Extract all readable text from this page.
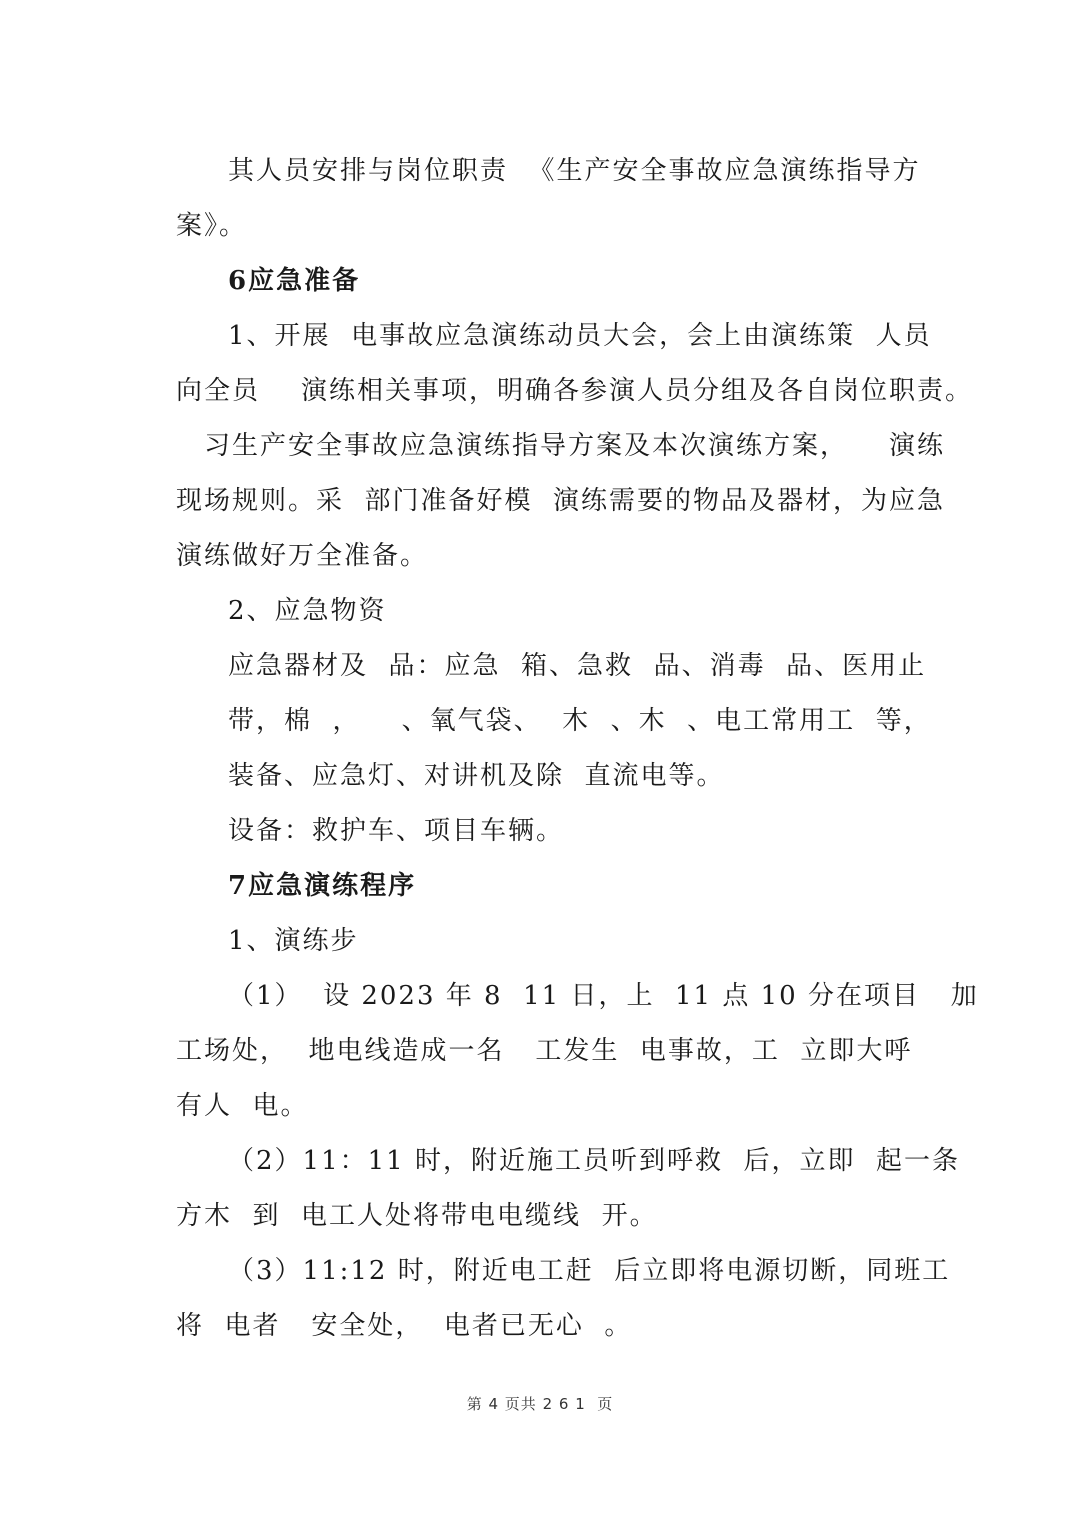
其人员安排与岗位职责  《生产安全事故应急演练指导方
案》。
6应急准备
1、开展  电事故应急演练动员大会，会上由演练策  人员
向全员    演练相关事项，明确各参演人员分组及各自岗位职责。
习生产安全事故应急演练指导方案及本次演练方案，    演练
现场规则。采  部门准备好模  演练需要的物品及器材，为应急
演练做好万全准备。
2、应急物资
应急器材及  品：应急  箱、急救  品、消毒  品、医用止
带，棉  ，    、氧气袋、  木  、木  、电工常用工  等，
装备、应急灯、对讲机及除  直流电等。
设备：救护车、项目车辆。
7应急演练程序
1、演练步
（1）  设 2023 年 8  11 日，上  11 点 10 分在项目   加
工场处，  地电线造成一名   工发生  电事故，工  立即大呼
有人  电。
（2）11：11 时，附近施工员听到呼救  后，立即  起一条
方木  到  电工人处将带电电缆线  开。
（3）11:12 时，附近电工赶  后立即将电源切断，同班工
将  电者   安全处，  电者已无心  。
第 4 页共 2 6 1  页
